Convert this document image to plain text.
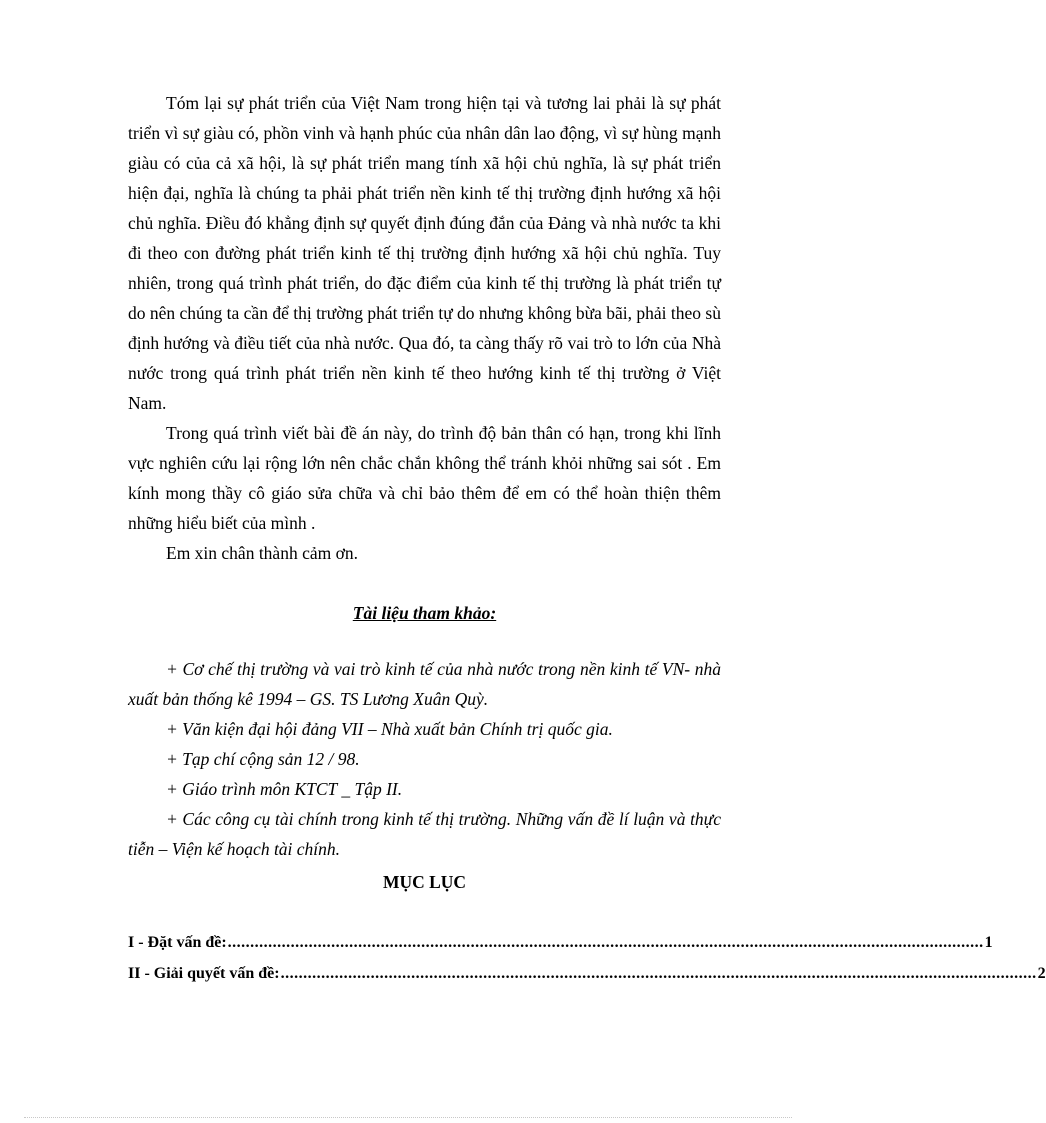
Tóm lại sự phát triển của Việt Nam trong hiện tại và tương lai phải là sự phát triển vì sự giàu có, phồn vinh và hạnh phúc của nhân dân lao động, vì sự hùng mạnh giàu có của cả xã hội, là sự phát triển mang tính xã hội chủ nghĩa, là sự phát triển hiện đại, nghĩa là chúng ta phải phát triển nền kinh tế thị trường định hướng xã hội chủ nghĩa. Điều đó khẳng định sự quyết định đúng đắn của Đảng và nhà nước ta khi đi theo con đường phát triển kinh tế thị trường định hướng xã hội chủ nghĩa. Tuy nhiên, trong quá trình phát triển, do đặc điểm của kinh tế thị trường là phát triển tự do nên chúng ta cần để thị trường phát triển tự do nhưng không bừa bãi, phải theo sù định hướng và điều tiết của nhà nước. Qua đó, ta càng thấy rõ vai trò to lớn của Nhà nước trong quá trình phát triển nền kinh tế theo hướng kinh tế thị trường ở Việt Nam.

Trong quá trình viết bài đề án này, do trình độ bản thân có hạn, trong khi lĩnh vực nghiên cứu lại rộng lớn nên chắc chắn không thể tránh khỏi những sai sót . Em kính mong thầy cô giáo sửa chữa và chỉ bảo thêm để em có thể hoàn thiện thêm những hiểu biết của mình .

Em xin chân thành cảm ơn.

Tài liệu tham khảo:

+ Cơ chế thị trường và vai trò kinh tế của nhà nước trong nền kinh tế VN- nhà xuất bản thống kê 1994 – GS. TS Lương Xuân Quỳ.

+ Văn kiện đại hội đảng VII – Nhà xuất bản Chính trị quốc gia.

+ Tạp chí cộng sản 12 / 98.

+ Giáo trình môn KTCT _ Tập II.

+ Các công cụ tài chính trong kinh tế thị trường. Những vấn đề lí luận và thực tiễn – Viện kế hoạch tài chính.

MỤC LỤC
I - Đặt vấn đề: ........................................................................................................................................................................ 1
II - Giải quyết vấn đề: ........................................................................................................................................................................ 2
